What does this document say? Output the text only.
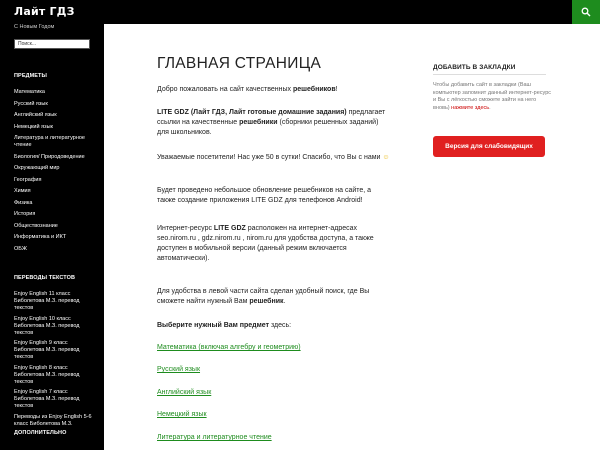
Лайт ГДЗ
С Новым Годом
Поиск...
ПРЕДМЕТЫ
Математика
Русский язык
Английский язык
Немецкий язык
Литература и литературное чтение
Биология/ Природоведение
Окружающий мир
География
Химия
Физика
История
Обществознание
Информатика и ИКТ
ОБЖ
ПЕРЕВОДЫ ТЕКСТОВ
Enjoy English 11 класс Биболетова М.З. перевод текстов
Enjoy English 10 класс Биболетова М.З. перевод текстов
Enjoy English 9 класс Биболетова М.З. перевод текстов
Enjoy English 8 класс Биболетова М.З. перевод текстов
Enjoy English 7 класс Биболетова М.З. перевод текстов
Переводы из Enjoy English 5-6 класс Биболетова М.З.
ДОПОЛНИТЕЛЬНО
ГЛАВНАЯ СТРАНИЦА

Добро пожаловать на сайт качественных решебников!

LITE GDZ (Лайт ГДЗ, Лайт готовые домашние задания) предлагает ссылки на качественные решебники (сборники решенных заданий) для школьников.

Уважаемые посетители! Нас уже 50 в сутки! Спасибо, что Вы с нами ☺

Будет проведено небольшое обновление решебников на сайте, а также создание приложения LITE GDZ для телефонов Android!

Интернет-ресурс LITE GDZ расположен на интернет-адресах seo.nirom.ru , gdz.nirom.ru , nirom.ru для удобства доступа, а также доступен в мобильной версии (данный режим включается автоматически).

Для удобства в левой части сайта сделан удобный поиск, где Вы сможете найти нужный Вам решебник.

Выберите нужный Вам предмет здесь:

Математика (включая алгебру и геометрию)
Русский язык
Английский язык
Немецкий язык
Литература и литературное чтение
ДОБАВИТЬ В ЗАКЛАДКИ

Чтобы добавить сайт в закладки (Ваш компьютер запомнит данный интернет-ресурс и Вы с лёгкостью сможете зайти на него вновь) нажмите здесь.

Версия для слабовидящих
